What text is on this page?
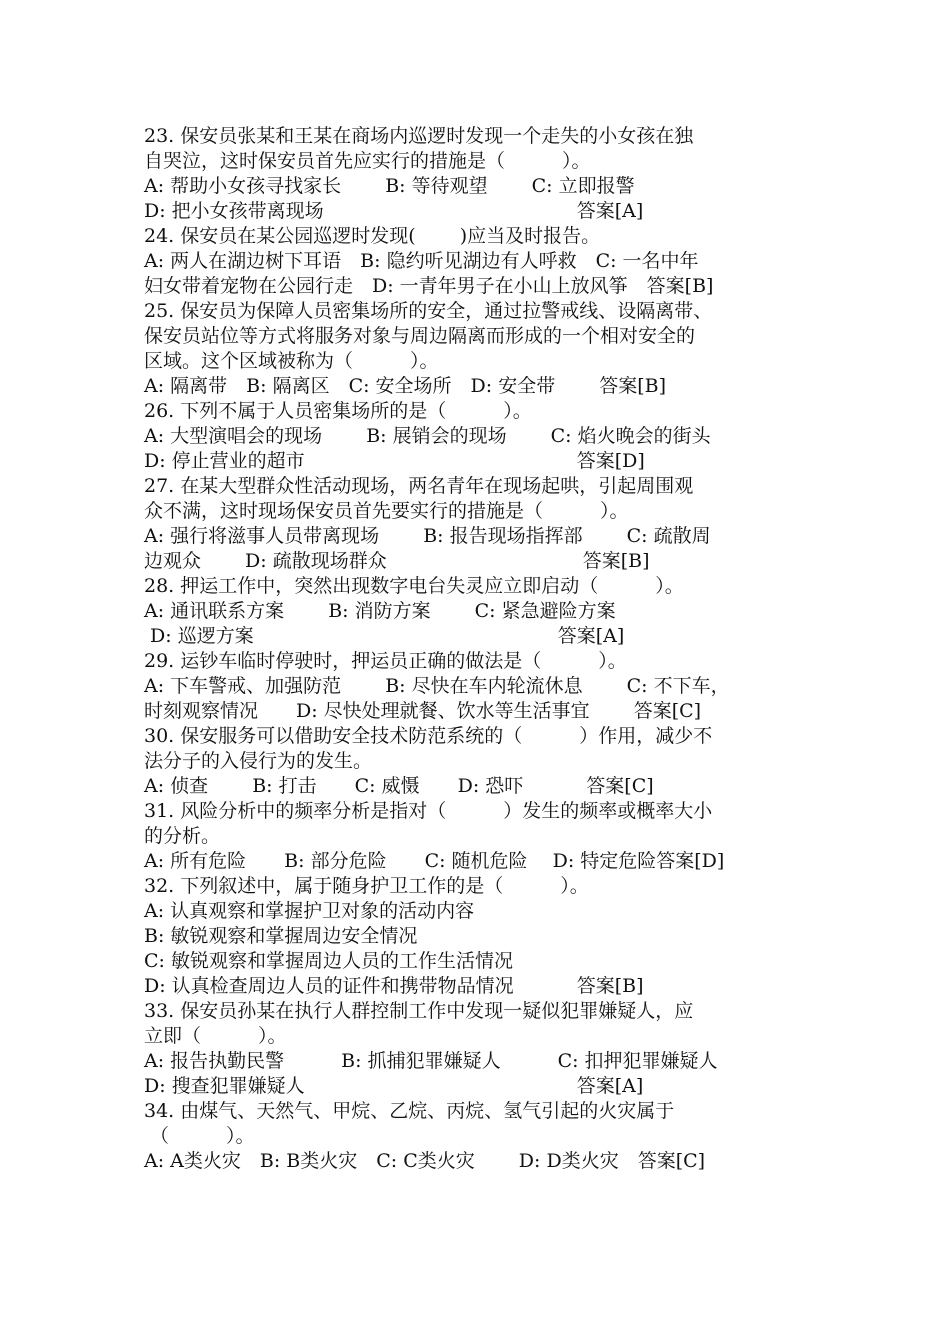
23. 保安员张某和王某在商场内巡逻时发现一个走失的小女孩在独
自哭泣，这时保安员首先应实行的措施是（　　　）。
A: 帮助小女孩寻找家长　　 B: 等待观望　　 C: 立即报警
D: 把小女孩带离现场　　　　　　　　　　　　　 答案[A]
24. 保安员在某公园巡逻时发现(　　 )应当及时报告。
A: 两人在湖边树下耳语　B: 隐约听见湖边有人呼救　C: 一名中年
妇女带着宠物在公园行走　D: 一青年男子在小山上放风筝　答案[B]
25. 保安员为保障人员密集场所的安全，通过拉警戒线、设隔离带、
保安员站位等方式将服务对象与周边隔离而形成的一个相对安全的
区域。这个区域被称为（　　　）。
A: 隔离带　B: 隔离区　C: 安全场所　D: 安全带　　 答案[B]
26. 下列不属于人员密集场所的是（　　　）。
A: 大型演唱会的现场　　 B: 展销会的现场　　 C: 焰火晚会的街头
D: 停止营业的超市　　　　　　　　　　　　　　 答案[D]
27. 在某大型群众性活动现场，两名青年在现场起哄，引起周围观
众不满，这时现场保安员首先要实行的措施是（　　　）。
A: 强行将滋事人员带离现场　　 B: 报告现场指挥部　　 C: 疏散周
边观众　　 D: 疏散现场群众　　　　　　　　　　 答案[B]
28. 押运工作中，突然出现数字电台失灵应立即启动（　　　）。
A: 通讯联系方案　　 B: 消防方案　　 C: 紧急避险方案
D: 巡逻方案　　　　　　　　　　　　　　　　答案[A]
29. 运钞车临时停驶时，押运员正确的做法是（　　　）。
A: 下车警戒、加强防范　　 B: 尽快在车内轮流休息　　 C: 不下车，
时刻观察情况　　D: 尽快处理就餐、饮水等生活事宜　　 答案[C]
30. 保安服务可以借助安全技术防范系统的（　　　）作用，减少不
法分子的入侵行为的发生。
A: 侦查　　 B: 打击　　C: 威慑　　D: 恐吓　　　 答案[C]
31. 风险分析中的频率分析是指对（　　　）发生的频率或概率大小
的分析。
A: 所有危险　　B: 部分危险　　C: 随机危险　 D: 特定危险答案[D]
32. 下列叙述中，属于随身护卫工作的是（　　　）。
A: 认真观察和掌握护卫对象的活动内容
B: 敏锐观察和掌握周边安全情况
C: 敏锐观察和掌握周边人员的工作生活情况
D: 认真检查周边人员的证件和携带物品情况　　　 答案[B]
33. 保安员孙某在执行人群控制工作中发现一疑似犯罪嫌疑人，应
立即（　　　）。
A: 报告执勤民警　　　B: 抓捕犯罪嫌疑人　　　C: 扣押犯罪嫌疑人
D: 搜查犯罪嫌疑人　　　　　　　　　　　　　　 答案[A]
34. 由煤气、天然气、甲烷、乙烷、丙烷、氢气引起的火灾属于
（　　　）。
A: A类火灾　B: B类火灾　C: C类火灾　　 D: D类火灾　答案[C]
